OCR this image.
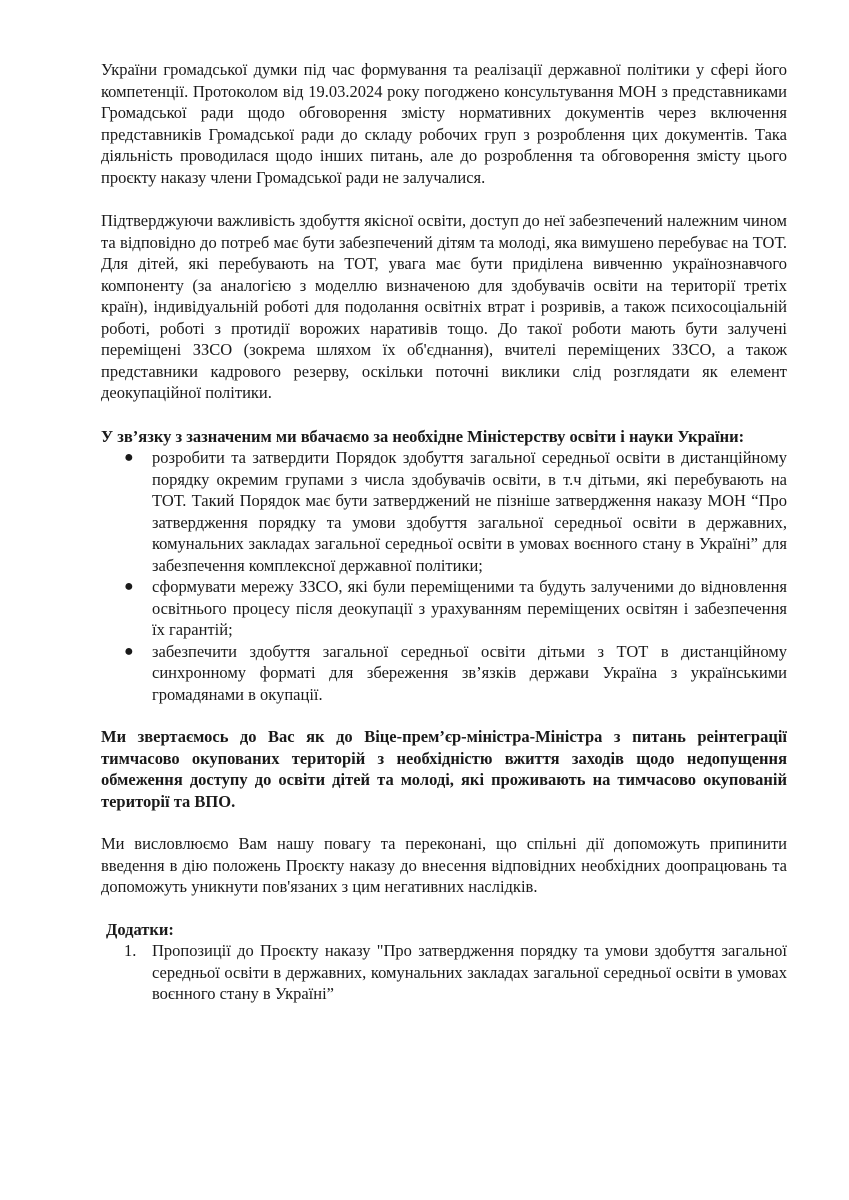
України громадської думки під час формування та реалізації державної політики у сфері його компетенції. Протоколом від 19.03.2024 року погоджено консультування МОН з представниками Громадської ради щодо обговорення змісту нормативних документів через включення представників Громадської ради до складу робочих груп з розроблення цих документів. Така діяльність проводилася щодо інших питань, але до розроблення та обговорення змісту цього проєкту наказу члени Громадської ради не залучалися.

Підтверджуючи важливість здобуття якісної освіти, доступ до неї забезпечений належним чином та відповідно до потреб має бути забезпечений дітям та молоді, яка вимушено перебуває на ТОТ. Для дітей, які перебувають на ТОТ, увага має бути приділена вивченню українознавчого компоненту (за аналогією з моделлю визначеною для здобувачів освіти на території третіх країн), індивідуальній роботі для подолання освітніх втрат і розривів, а також психосоціальній роботі, роботі з протидії ворожих наративів тощо. До такої роботи мають бути залучені переміщені ЗЗСО (зокрема шляхом їх об'єднання), вчителі переміщених ЗЗСО, а також представники кадрового резерву, оскільки поточні виклики слід розглядати як елемент деокупаційної політики.

У зв’язку з зазначеним ми вбачаємо за необхідне Міністерству освіти і науки України:

● розробити та затвердити Порядок здобуття загальної середньої освіти в дистанційному порядку окремим групами з числа здобувачів освіти, в т.ч дітьми, які перебувають на ТОТ. Такий Порядок має бути затверджений не пізніше затвердження наказу МОН “Про затвердження порядку та умови здобуття загальної середньої освіти в державних, комунальних закладах загальної середньої освіти в умовах воєнного стану в Україні” для забезпечення комплексної державної політики;
● сформувати мережу ЗЗСО, які були переміщеними та будуть залученими до відновлення освітнього процесу після деокупації з урахуванням переміщених освітян і забезпечення їх гарантій;
● забезпечити здобуття загальної середньої освіти дітьми з ТОТ в дистанційному синхронному форматі для збереження зв’язків держави Україна з українськими громадянами в окупації.

Ми звертаємось до Вас як до Віце-прем’єр-міністра-Міністра з питань реінтеграції тимчасово окупованих територій з необхідністю вжиття заходів щодо недопущення обмеження доступу до освіти дітей та молоді, які проживають на тимчасово окупованій території та ВПО.

Ми висловлюємо Вам нашу повагу та переконані, що спільні дії допоможуть припинити введення в дію положень Проєкту наказу до внесення відповідних необхідних доопрацювань та допоможуть уникнути пов'язаних з цим негативних наслідків.

Додатки:
1. Пропозиції до Проєкту наказу "Про затвердження порядку та умови здобуття загальної середньої освіти в державних, комунальних закладах загальної середньої освіти в умовах воєнного стану в Україні”
